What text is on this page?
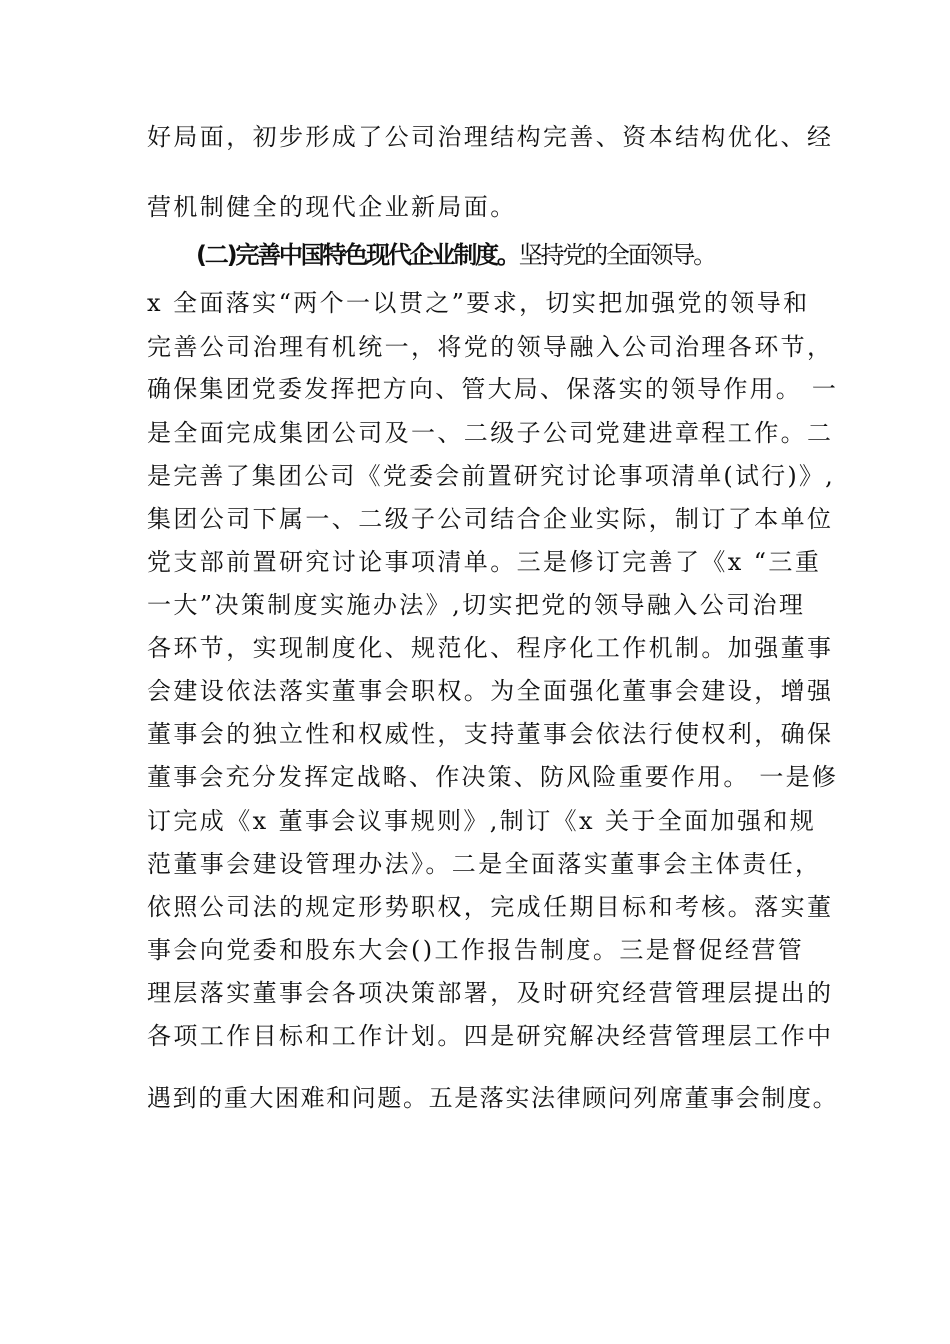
好局面，初步形成了公司治理结构完善、资本结构优化、经
营机制健全的现代企业新局面。
(二)完善中国特色现代企业制度。坚持党的全面领导。
x 全面落实“两个一以贯之”要求，切实把加强党的领导和
完善公司治理有机统一，将党的领导融入公司治理各环节，
确保集团党委发挥把方向、管大局、保落实的领导作用。 一
是全面完成集团公司及一、二级子公司党建进章程工作。二
是完善了集团公司《党委会前置研究讨论事项清单(试行)》,
集团公司下属一、二级子公司结合企业实际，制订了本单位
党支部前置研究讨论事项清单。三是修订完善了《x “三重
一大”决策制度实施办法》,切实把党的领导融入公司治理
各环节，实现制度化、规范化、程序化工作机制。加强董事
会建设依法落实董事会职权。为全面强化董事会建设，增强
董事会的独立性和权威性，支持董事会依法行使权利，确保
董事会充分发挥定战略、作决策、防风险重要作用。 一是修
订完成《x 董事会议事规则》,制订《x 关于全面加强和规
范董事会建设管理办法》。二是全面落实董事会主体责任，
依照公司法的规定形势职权，完成任期目标和考核。落实董
事会向党委和股东大会()工作报告制度。三是督促经营管
理层落实董事会各项决策部署，及时研究经营管理层提出的
各项工作目标和工作计划。四是研究解决经营管理层工作中
遇到的重大困难和问题。五是落实法律顾问列席董事会制度。
